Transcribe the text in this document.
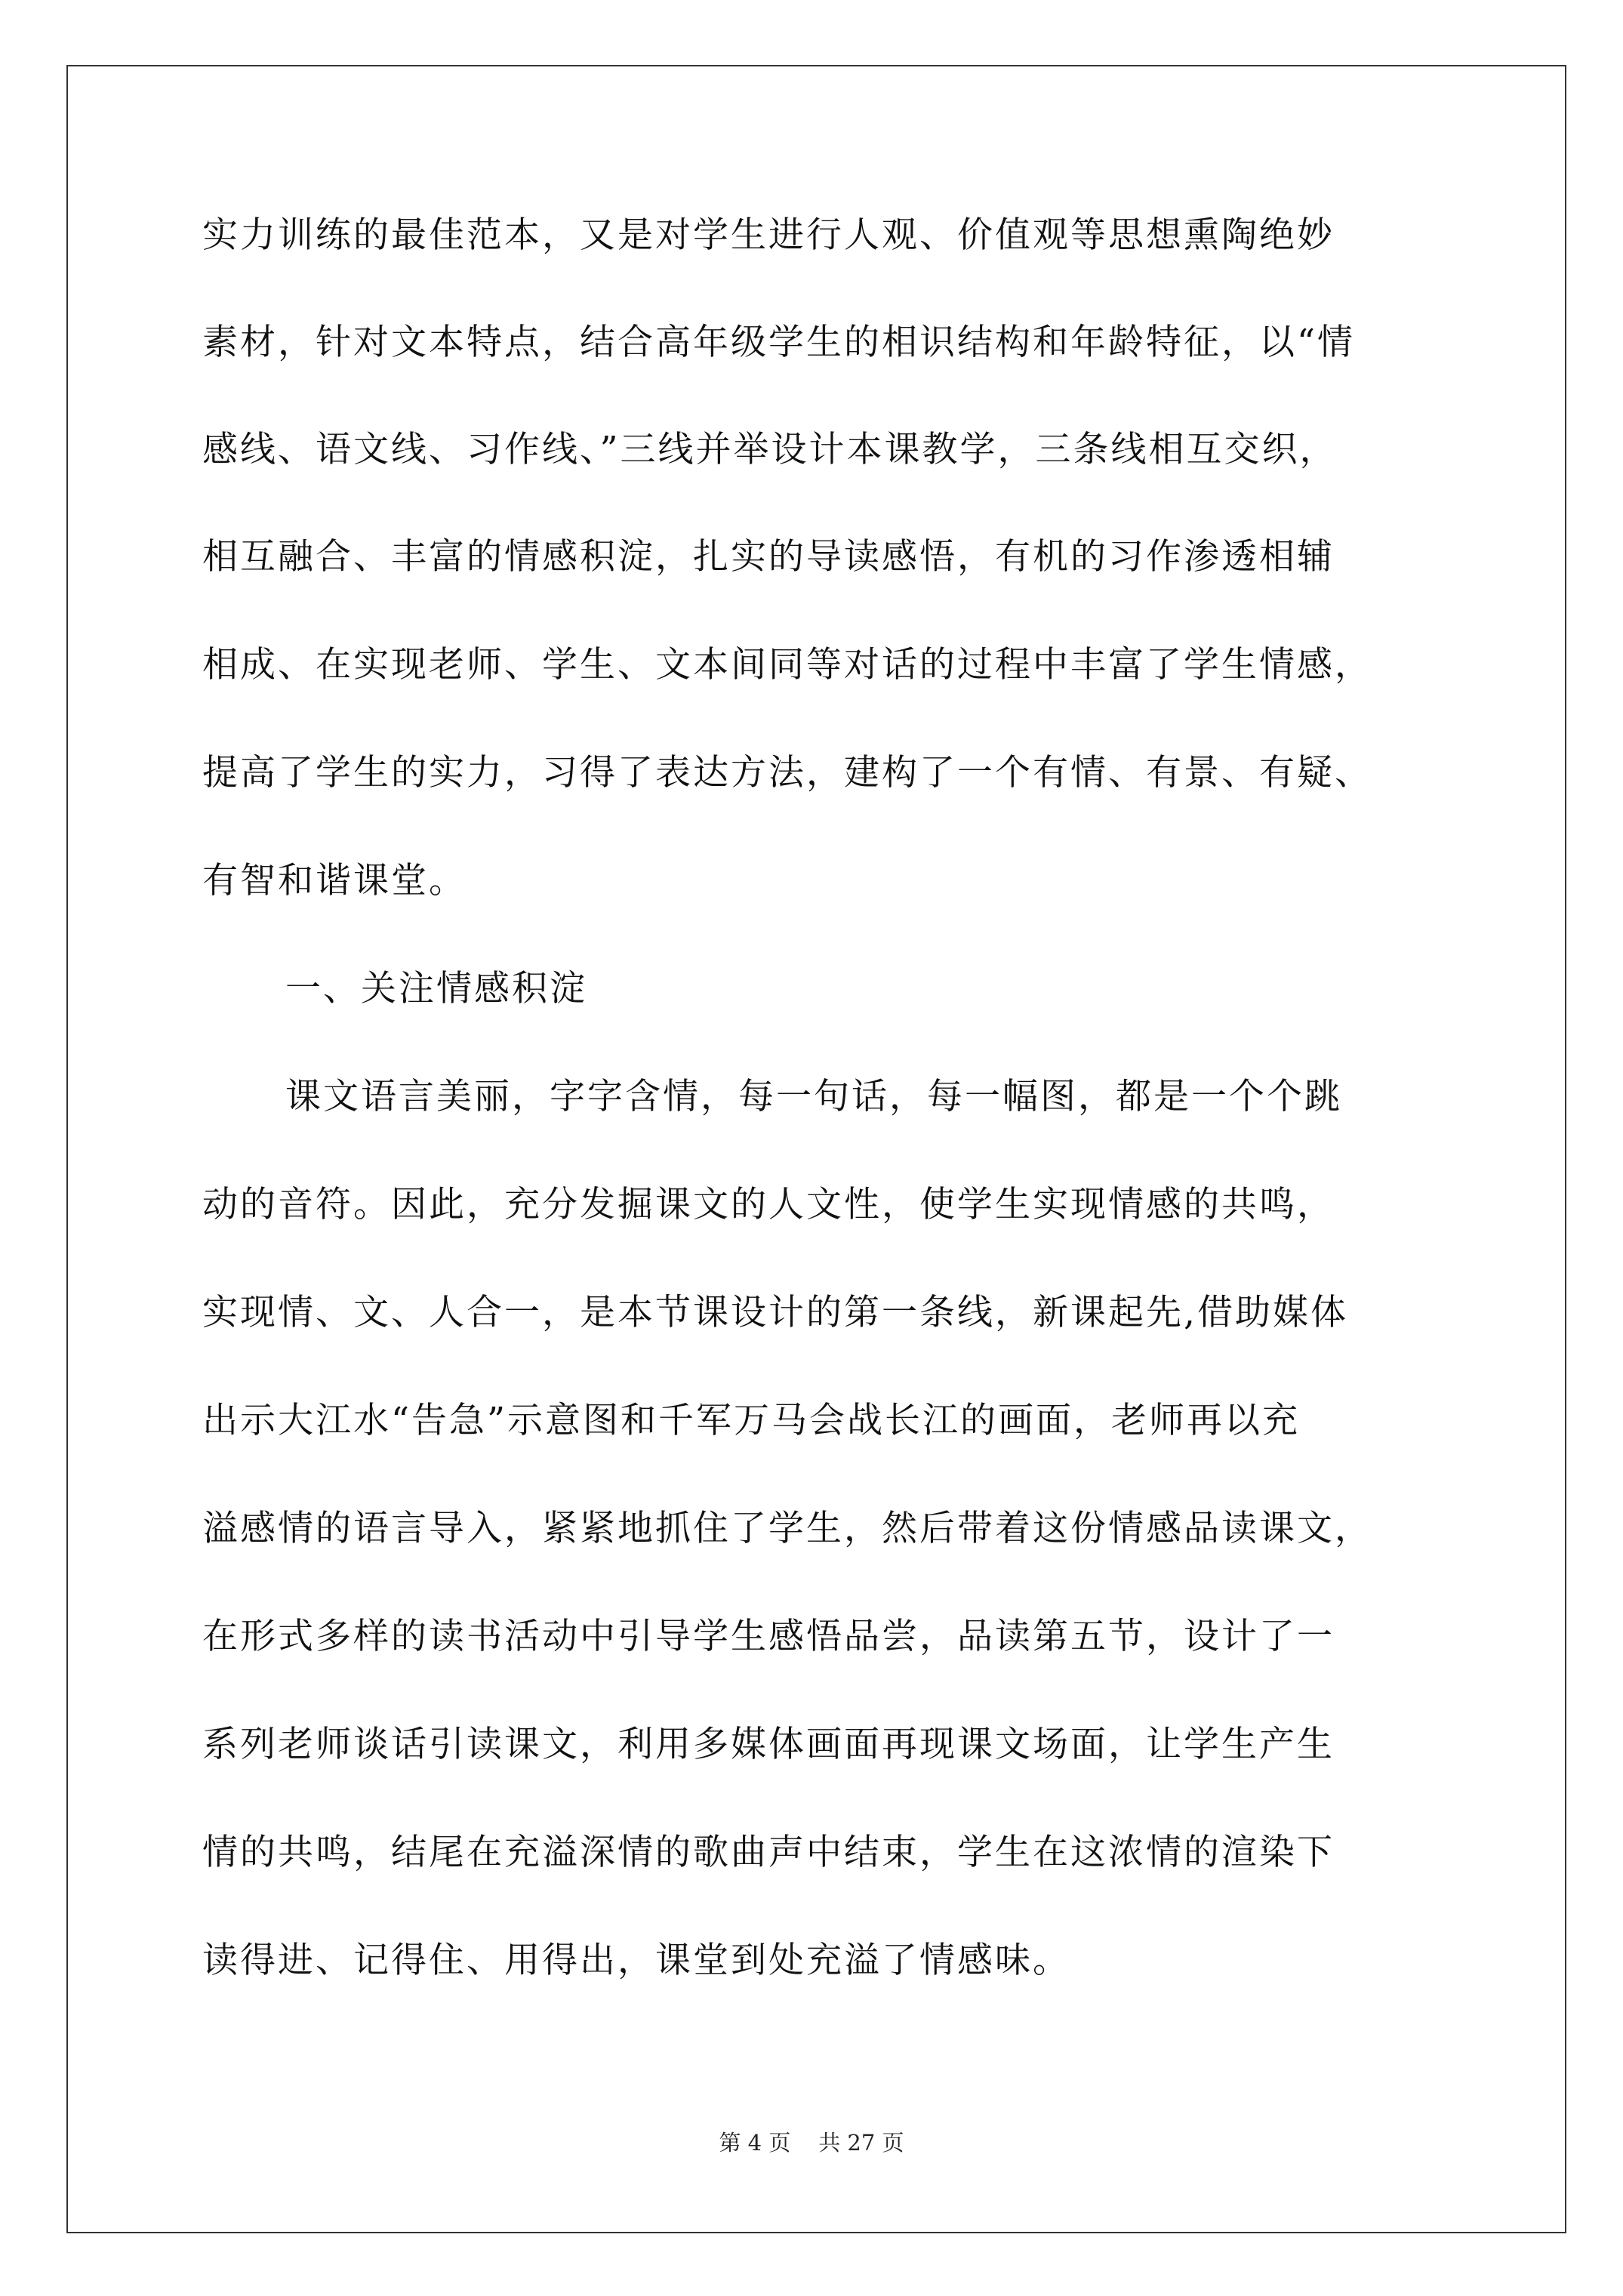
实力训练的最佳范本，又是对学生进行人观、价值观等思想熏陶绝妙
素材，针对文本特点，结合高年级学生的相识结构和年龄特征，以“情
感线、语文线、习作线、”三线并举设计本课教学，三条线相互交织，
相互融合、丰富的情感积淀，扎实的导读感悟，有机的习作渗透相辅
相成、在实现老师、学生、文本间同等对话的过程中丰富了学生情感，
提高了学生的实力，习得了表达方法，建构了一个有情、有景、有疑、
有智和谐课堂。
一、关注情感积淀
课文语言美丽，字字含情，每一句话，每一幅图，都是一个个跳
动的音符。因此，充分发掘课文的人文性，使学生实现情感的共鸣，
实现情、文、人合一，是本节课设计的第一条线，新课起先,借助媒体
出示大江水“告急”示意图和千军万马会战长江的画面，老师再以充
溢感情的语言导入，紧紧地抓住了学生，然后带着这份情感品读课文，
在形式多样的读书活动中引导学生感悟品尝，品读第五节，设计了一
系列老师谈话引读课文，利用多媒体画面再现课文场面，让学生产生
情的共鸣，结尾在充溢深情的歌曲声中结束，学生在这浓情的渲染下
读得进、记得住、用得出，课堂到处充溢了情感味。
第 4 页    共 27 页
